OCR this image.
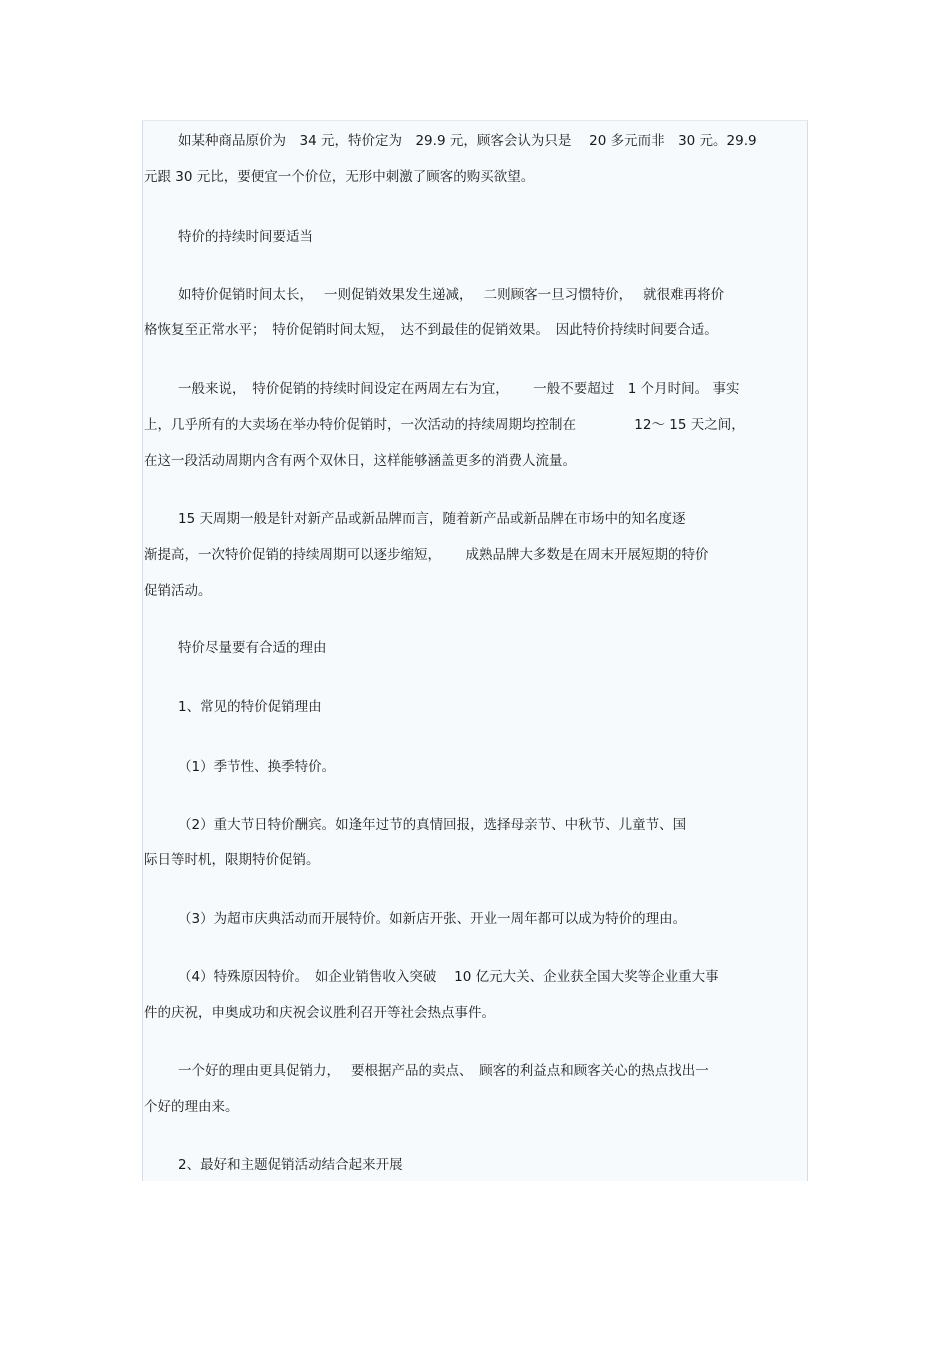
如某种商品原价为　34 元，特价定为　29.9 元，顾客会认为只是　 20 多元而非　30 元。29.9
元跟 30 元比，要便宜一个价位，无形中刺激了顾客的购买欲望。
特价的持续时间要适当
如特价促销时间太长，　 一则促销效果发生递减，　 二则顾客一旦习惯特价，　 就很难再将价
格恢复至正常水平；　特价促销时间太短，　达不到最佳的促销效果。　因此特价持续时间要合适。
一般来说，　特价促销的持续时间设定在两周左右为宜，　　 一般不要超过　1 个月时间。 事实
上，几乎所有的大卖场在举办特价促销时，一次活动的持续周期均控制在　　　　 12～ 15 天之间，
在这一段活动周期内含有两个双休日，这样能够涵盖更多的消费人流量。
15 天周期一般是针对新产品或新品牌而言，随着新产品或新品牌在市场中的知名度逐
渐提高，一次特价促销的持续周期可以逐步缩短，　　 成熟品牌大多数是在周末开展短期的特价
促销活动。
特价尽量要有合适的理由
1、常见的特价促销理由
（1）季节性、换季特价。
（2）重大节日特价酬宾。如逢年过节的真情回报，选择母亲节、中秋节、儿童节、国
际日等时机，限期特价促销。
（3）为超市庆典活动而开展特价。如新店开张、开业一周年都可以成为特价的理由。
（4）特殊原因特价。　如企业销售收入突破　 10 亿元大关、企业获全国大奖等企业重大事
件的庆祝，申奥成功和庆祝会议胜利召开等社会热点事件。
一个好的理由更具促销力，　 要根据产品的卖点、　顾客的利益点和顾客关心的热点找出一
个好的理由来。
2、最好和主题促销活动结合起来开展
